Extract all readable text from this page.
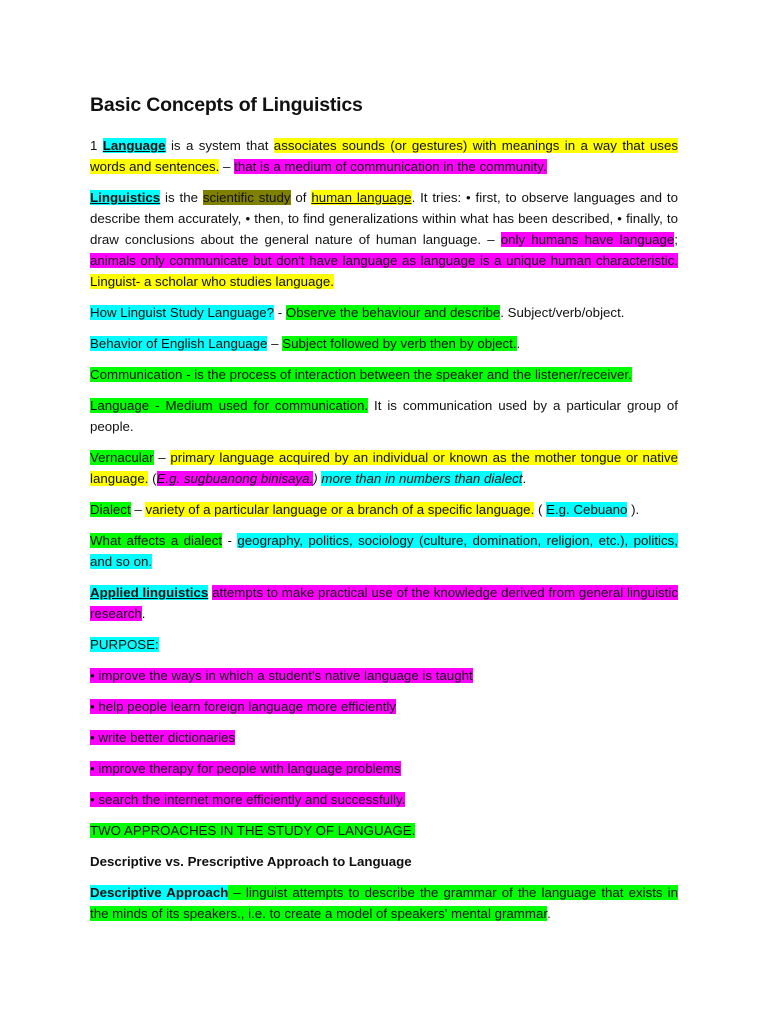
Basic Concepts of Linguistics

1 Language is a system that associates sounds (or gestures) with meanings in a way that uses words and sentences. – that is a medium of communication in the community.

Linguistics is the scientific study of human language. It tries: • first, to observe languages and to describe them accurately, • then, to find generalizations within what has been described, • finally, to draw conclusions about the general nature of human language. – only humans have language; animals only communicate but don't have language as language is a unique human characteristic. Linguist- a scholar who studies language.

How Linguist Study Language? - Observe the behaviour and describe. Subject/verb/object.

Behavior of English Language – Subject followed by verb then by object..

Communication - is the process of interaction between the speaker and the listener/receiver.

Language - Medium used for communication. It is communication used by a particular group of people.

Vernacular – primary language acquired by an individual or known as the mother tongue or native language. (E.g. sugbuanong binisaya.) more than in numbers than dialect.

Dialect – variety of a particular language or a branch of a specific language. ( E.g. Cebuano ).

What affects a dialect - geography, politics, sociology (culture, domination, religion, etc.), politics, and so on.

Applied linguistics attempts to make practical use of the knowledge derived from general linguistic research.

PURPOSE:

• improve the ways in which a student's native language is taught

• help people learn foreign language more efficiently

• write better dictionaries

• improve therapy for people with language problems

• search the internet more efficiently and successfully.

TWO APPROACHES IN THE STUDY OF LANGUAGE.

Descriptive vs. Prescriptive Approach to Language

Descriptive Approach – linguist attempts to describe the grammar of the language that exists in the minds of its speakers., i.e. to create a model of speakers' mental grammar.
